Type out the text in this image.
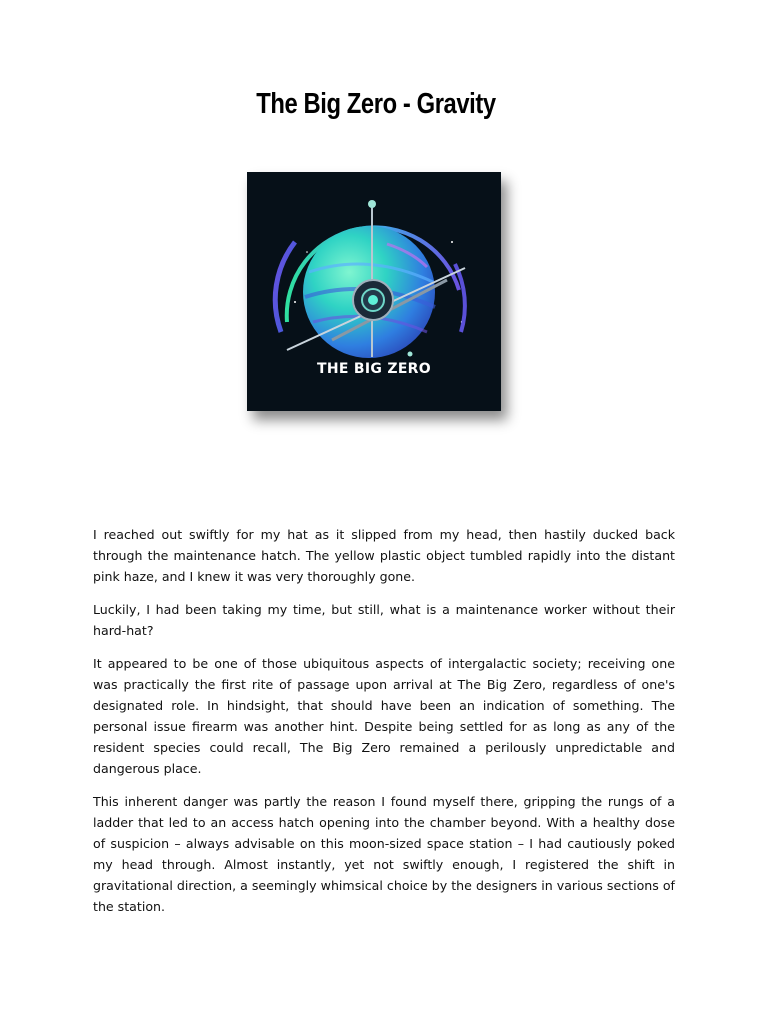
The Big Zero - Gravity
THE BIG ZERO

I reached out swiftly for my hat as it slipped from my head, then hastily ducked back through the maintenance hatch. The yellow plastic object tumbled rapidly into the distant pink haze, and I knew it was very thoroughly gone.

Luckily, I had been taking my time, but still, what is a maintenance worker without their hard-hat?

It appeared to be one of those ubiquitous aspects of intergalactic society; receiving one was practically the first rite of passage upon arrival at The Big Zero, regardless of one's designated role. In hindsight, that should have been an indication of something. The personal issue firearm was another hint. Despite being settled for as long as any of the resident species could recall, The Big Zero remained a perilously unpredictable and dangerous place.

This inherent danger was partly the reason I found myself there, gripping the rungs of a ladder that led to an access hatch opening into the chamber beyond. With a healthy dose of suspicion – always advisable on this moon-sized space station – I had cautiously poked my head through. Almost instantly, yet not swiftly enough, I registered the shift in gravitational direction, a seemingly whimsical choice by the designers in various sections of the station.
